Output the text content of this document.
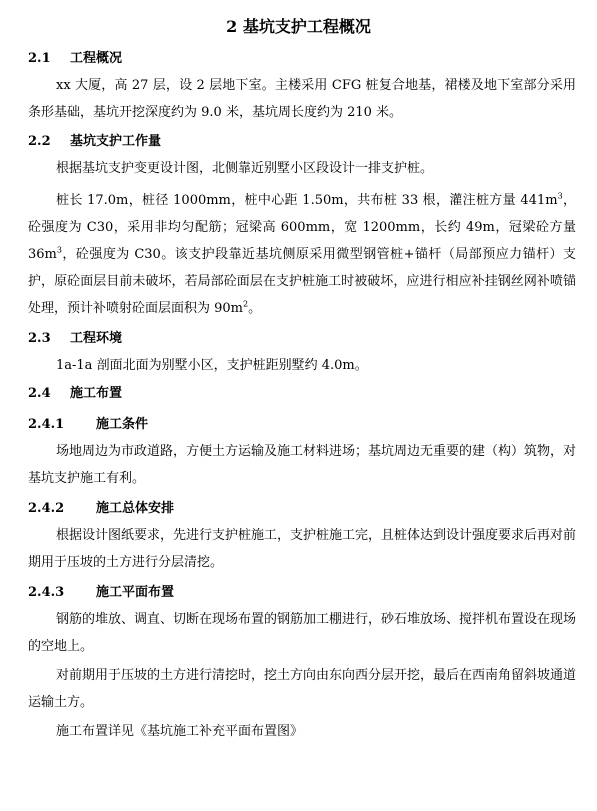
2 基坑支护工程概况
2.1 工程概况
xx 大厦，高 27 层，设 2 层地下室。主楼采用 CFG 桩复合地基，裙楼及地下室部分采用条形基础，基坑开挖深度约为 9.0 米，基坑周长度约为 210 米。
2.2 基坑支护工作量
根据基坑支护变更设计图，北侧靠近别墅小区段设计一排支护桩。
桩长 17.0m，桩径 1000mm，桩中心距 1.50m，共布桩 33 根，灌注桩方量 $441m^3$，砼强度为 C30，采用非均匀配筋；冠梁高 600mm，宽 1200mm，长约 49m，冠梁砼方量 $36m^3$，砼强度为 C30。该支护段靠近基坑侧原采用微型钢管桩+锚杆（局部预应力锚杆）支护，原砼面层目前未破坏，若局部砼面层在支护桩施工时被破坏，应进行相应补挂钢丝网补喷锚处理，预计补喷射砼面层面积为 $90m^2$。
2.3 工程环境
1a-1a 剖面北面为别墅小区，支护桩距别墅约 4.0m。
2.4 施工布置
2.4.1 施工条件
场地周边为市政道路，方便土方运输及施工材料进场；基坑周边无重要的建（构）筑物，对基坑支护施工有利。
2.4.2 施工总体安排
根据设计图纸要求，先进行支护桩施工，支护桩施工完，且桩体达到设计强度要求后再对前期用于压坡的土方进行分层清挖。
2.4.3 施工平面布置
钢筋的堆放、调直、切断在现场布置的钢筋加工棚进行，砂石堆放场、搅拌机布置设在现场的空地上。
对前期用于压坡的土方进行清挖时，挖土方向由东向西分层开挖，最后在西南角留斜坡通道运输土方。
施工布置详见《基坑施工补充平面布置图》
